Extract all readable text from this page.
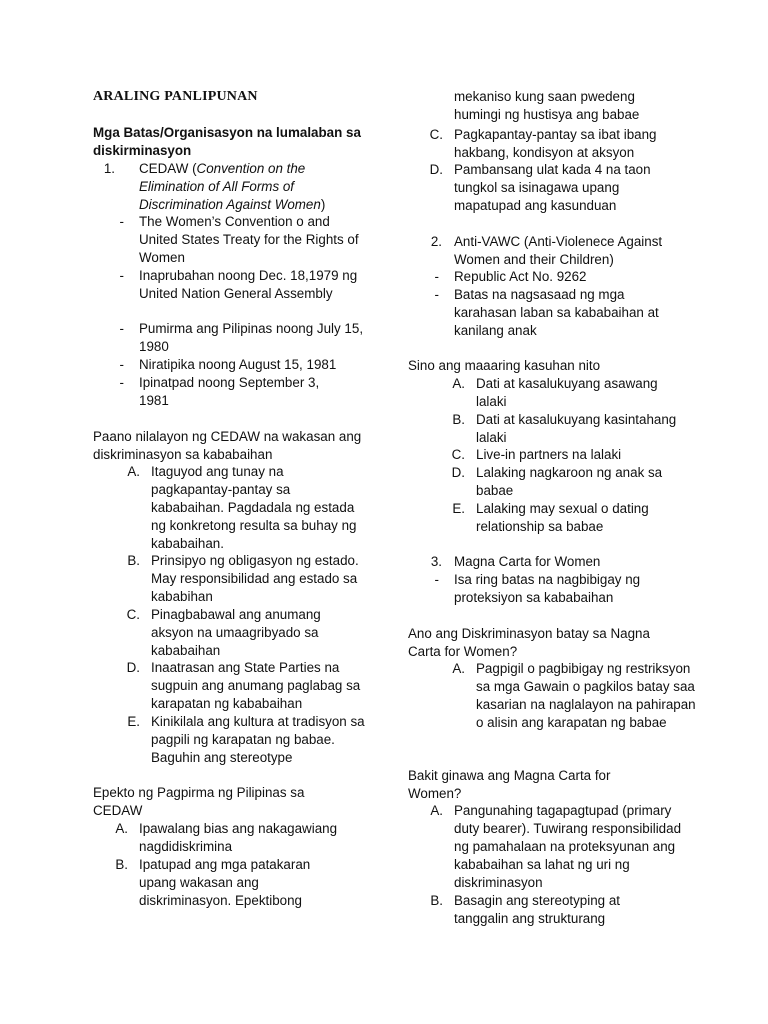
ARALING PANLIPUNAN

Mga Batas/Organisasyon na lumalaban sa diskirminasyon

1. CEDAW (Convention on the Elimination of All Forms of Discrimination Against Women)

- The Women’s Convention o and United States Treaty for the Rights of Women

- Inaprubahan noong Dec. 18,1979 ng United Nation General Assembly

- Pumirma ang Pilipinas noong July 15, 1980

- Niratipika noong August 15, 1981

- Ipinatpad noong September 3, 1981

Paano nilalayon ng CEDAW na wakasan ang diskriminasyon sa kababaihan

A. Itaguyod ang tunay na pagkapantay-pantay sa kababaihan. Pagdadala ng estada ng konkretong resulta sa buhay ng kababaihan.

B. Prinsipyo ng obligasyon ng estado. May responsibilidad ang estado sa kababihan

C. Pinagbabawal ang anumang aksyon na umaagribyado sa kababaihan

D. Inaatrasan ang State Parties na sugpuin ang anumang paglabag sa karapatan ng kababaihan

E. Kinikilala ang kultura at tradisyon sa pagpili ng karapatan ng babae. Baguhin ang stereotype

Epekto ng Pagpirma ng Pilipinas sa CEDAW

A. Ipawalang bias ang nakagawiang nagdidiskrimina

B. Ipatupad ang mga patakaran upang wakasan ang diskriminasyon. Epektibong

mekaniso kung saan pwedeng humingi ng hustisya ang babae

C. Pagkapantay-pantay sa ibat ibang hakbang, kondisyon at aksyon

D. Pambansang ulat kada 4 na taon tungkol sa isinagawa upang mapatupad ang kasunduan

2. Anti-VAWC (Anti-Violenece Against Women and their Children)

- Republic Act No. 9262

- Batas na nagsasaad ng mga karahasan laban sa kababaihan at kanilang anak

Sino ang maaaring kasuhan nito

A. Dati at kasalukuyang asawang lalaki

B. Dati at kasalukuyang kasintahang lalaki

C. Live-in partners na lalaki

D. Lalaking nagkaroon ng anak sa babae

E. Lalaking may sexual o dating relationship sa babae

3. Magna Carta for Women

- Isa ring batas na nagbibigay ng proteksiyon sa kababaihan

Ano ang Diskriminasyon batay sa Nagna Carta for Women?

A. Pagpigil o pagbibigay ng restriksyon sa mga Gawain o pagkilos batay saa kasarian na naglalayon na pahirapan o alisin ang karapatan ng babae

Bakit ginawa ang Magna Carta for Women?

A. Pangunahing tagapagtupad (primary duty bearer). Tuwirang responsibilidad ng pamahalaan na proteksyunan ang kababaihan sa lahat ng uri ng diskriminasyon

B. Basagin ang stereotyping at tanggalin ang strukturang
